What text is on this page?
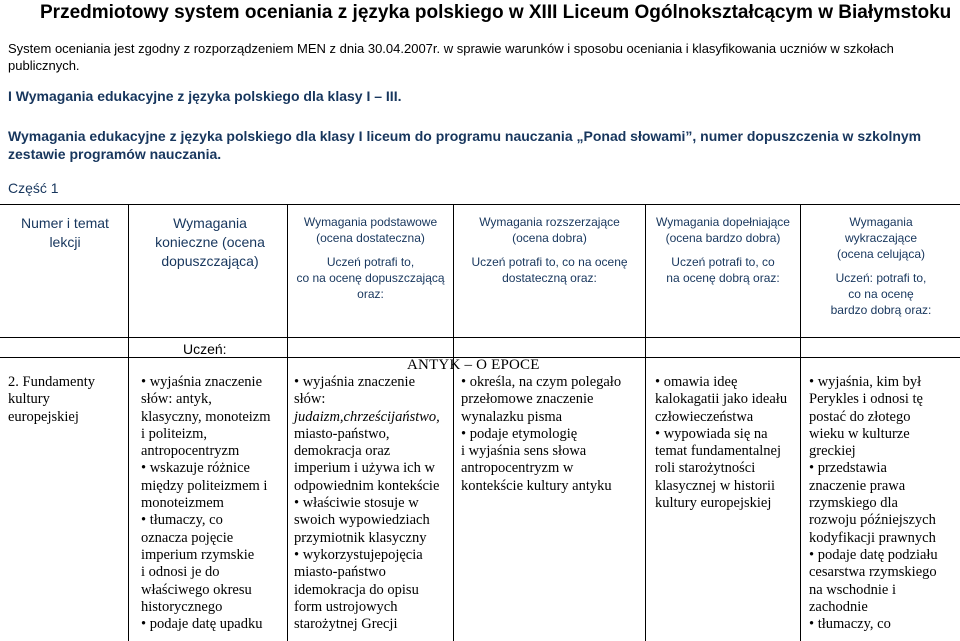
Przedmiotowy system oceniania z języka polskiego w XIII Liceum Ogólnokształcącym w Białymstoku
System oceniania jest zgodny z rozporządzeniem MEN z dnia 30.04.2007r. w sprawie warunków i sposobu oceniania i klasyfikowania uczniów w szkołach publicznych.
I Wymagania edukacyjne z języka polskiego dla klasy I – III.
Wymagania edukacyjne z języka polskiego dla klasy I liceum do programu nauczania „Ponad słowami”, numer dopuszczenia w szkolnym zestawie programów nauczania.
Część 1
Numer i temat lekcji
Wymagania konieczne (ocena dopuszczająca)
Wymagania podstawowe
(ocena dostateczna)
Uczeń potrafi to,
co na ocenę dopuszczającą
oraz:
Wymagania rozszerzające
(ocena dobra)
Uczeń potrafi to, co na ocenę
dostateczną oraz:
Wymagania dopełniające
(ocena bardzo dobra)
Uczeń potrafi to, co
na ocenę dobrą oraz:
Wymagania
wykraczające
(ocena celująca)
Uczeń: potrafi to,
co na ocenę
bardzo dobrą oraz:
Uczeń:
ANTYK – O EPOCE
2. Fundamenty kultury europejskiej
• wyjaśnia znaczenie
słów: antyk,
klasyczny, monoteizm
i politeizm,
antropocentryzm
• wskazuje różnice
między politeizmem i
monoteizmem
• tłumaczy, co
oznacza pojęcie
imperium rzymskie
i odnosi je do
właściwego okresu
historycznego
• podaje datę upadku
• wyjaśnia znaczenie
słów:
judaizm,chrześcijaństwo,
miasto-państwo,
demokracja oraz
imperium i używa ich w
odpowiednim kontekście
• właściwie stosuje w
swoich wypowiedziach
przymiotnik klasyczny
• wykorzystujepojęcia
miasto-państwo
idemokracja do opisu
form ustrojowych
starożytnej Grecji
• określa, na czym polegało
przełomowe znaczenie
wynalazku pisma
• podaje etymologię
i wyjaśnia sens słowa
antropocentryzm w
kontekście kultury antyku
• omawia ideę
kalokagatii jako ideału
człowieczeństwa
• wypowiada się na
temat fundamentalnej
roli starożytności
klasycznej w historii
kultury europejskiej
• wyjaśnia, kim był
Perykles i odnosi tę
postać do złotego
wieku w kulturze
greckiej
• przedstawia
znaczenie prawa
rzymskiego dla
rozwoju późniejszych
kodyfikacji prawnych
• podaje datę podziału
cesarstwa rzymskiego
na wschodnie i
zachodnie
• tłumaczy, co
